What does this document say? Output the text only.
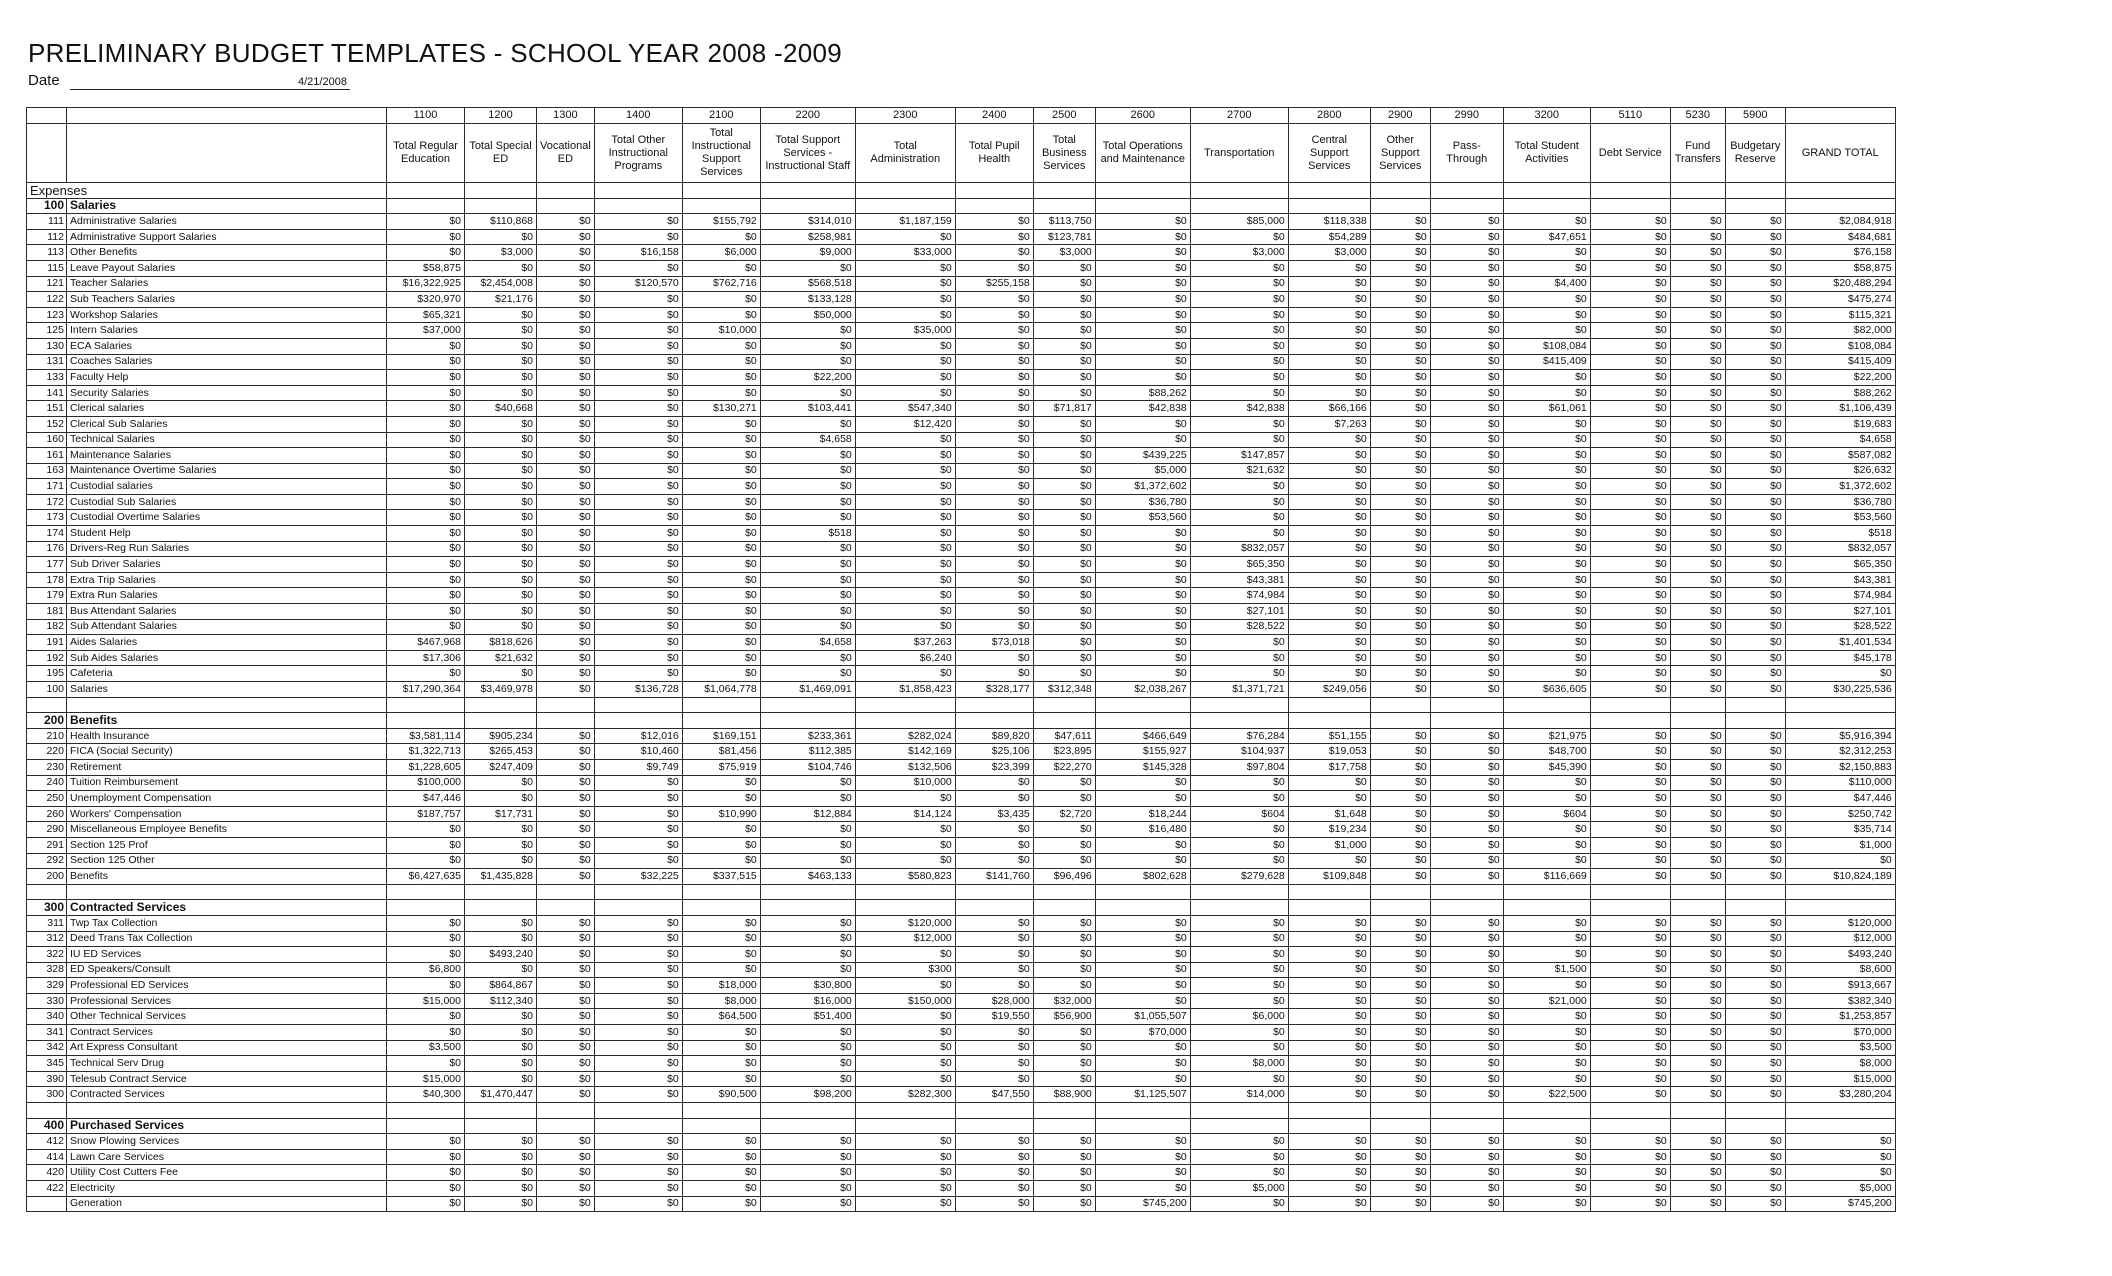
PRELIMINARY BUDGET TEMPLATES - SCHOOL YEAR 2008 -2009
Date	4/21/2008
		1100	1200	1300	1400	2100	2200	2300	2400	2500	2600	2700	2800	2900	2990	3200	5110	5230	5900	
		Total Regular Education	Total Special ED	Vocational ED	Total Other Instructional Programs	Total Instructional Support Services	Total Support Services - Instructional Staff	Total Administration	Total Pupil Health	Total Business Services	Total Operations and Maintenance	Transportation	Central Support Services	Other Support Services	Pass-Through	Total Student Activities	Debt Service	Fund Transfers	Budgetary Reserve	GRAND TOTAL
Expenses																				
100	Salaries																			
111	Administrative Salaries	$0	$110,868	$0	$0	$155,792	$314,010	$1,187,159	$0	$113,750	$0	$85,000	$118,338	$0	$0	$0	$0	$0	$0	$2,084,918
112	Administrative Support Salaries	$0	$0	$0	$0	$0	$258,981	$0	$0	$123,781	$0	$0	$54,289	$0	$0	$47,651	$0	$0	$0	$484,681
113	Other Benefits	$0	$3,000	$0	$16,158	$6,000	$9,000	$33,000	$0	$3,000	$0	$3,000	$3,000	$0	$0	$0	$0	$0	$0	$76,158
115	Leave Payout Salaries	$58,875	$0	$0	$0	$0	$0	$0	$0	$0	$0	$0	$0	$0	$0	$0	$0	$0	$0	$58,875
121	Teacher Salaries	$16,322,925	$2,454,008	$0	$120,570	$762,716	$568,518	$0	$255,158	$0	$0	$0	$0	$0	$0	$4,400	$0	$0	$0	$20,488,294
122	Sub Teachers Salaries	$320,970	$21,176	$0	$0	$0	$133,128	$0	$0	$0	$0	$0	$0	$0	$0	$0	$0	$0	$0	$475,274
123	Workshop Salaries	$65,321	$0	$0	$0	$0	$50,000	$0	$0	$0	$0	$0	$0	$0	$0	$0	$0	$0	$0	$115,321
125	Intern Salaries	$37,000	$0	$0	$0	$10,000	$0	$35,000	$0	$0	$0	$0	$0	$0	$0	$0	$0	$0	$0	$82,000
130	ECA Salaries	$0	$0	$0	$0	$0	$0	$0	$0	$0	$0	$0	$0	$0	$0	$108,084	$0	$0	$0	$108,084
131	Coaches Salaries	$0	$0	$0	$0	$0	$0	$0	$0	$0	$0	$0	$0	$0	$0	$415,409	$0	$0	$0	$415,409
133	Faculty Help	$0	$0	$0	$0	$0	$22,200	$0	$0	$0	$0	$0	$0	$0	$0	$0	$0	$0	$0	$22,200
141	Security Salaries	$0	$0	$0	$0	$0	$0	$0	$0	$0	$88,262	$0	$0	$0	$0	$0	$0	$0	$0	$88,262
151	Clerical salaries	$0	$40,668	$0	$0	$130,271	$103,441	$547,340	$0	$71,817	$42,838	$42,838	$66,166	$0	$0	$61,061	$0	$0	$0	$1,106,439
152	Clerical Sub Salaries	$0	$0	$0	$0	$0	$0	$12,420	$0	$0	$0	$0	$7,263	$0	$0	$0	$0	$0	$0	$19,683
160	Technical Salaries	$0	$0	$0	$0	$0	$4,658	$0	$0	$0	$0	$0	$0	$0	$0	$0	$0	$0	$0	$4,658
161	Maintenance Salaries	$0	$0	$0	$0	$0	$0	$0	$0	$0	$439,225	$147,857	$0	$0	$0	$0	$0	$0	$0	$587,082
163	Maintenance Overtime Salaries	$0	$0	$0	$0	$0	$0	$0	$0	$0	$5,000	$21,632	$0	$0	$0	$0	$0	$0	$0	$26,632
171	Custodial salaries	$0	$0	$0	$0	$0	$0	$0	$0	$0	$1,372,602	$0	$0	$0	$0	$0	$0	$0	$0	$1,372,602
172	Custodial Sub Salaries	$0	$0	$0	$0	$0	$0	$0	$0	$0	$36,780	$0	$0	$0	$0	$0	$0	$0	$0	$36,780
173	Custodial Overtime Salaries	$0	$0	$0	$0	$0	$0	$0	$0	$0	$53,560	$0	$0	$0	$0	$0	$0	$0	$0	$53,560
174	Student Help	$0	$0	$0	$0	$0	$518	$0	$0	$0	$0	$0	$0	$0	$0	$0	$0	$0	$0	$518
176	Drivers-Reg Run Salaries	$0	$0	$0	$0	$0	$0	$0	$0	$0	$0	$832,057	$0	$0	$0	$0	$0	$0	$0	$832,057
177	Sub Driver Salaries	$0	$0	$0	$0	$0	$0	$0	$0	$0	$0	$65,350	$0	$0	$0	$0	$0	$0	$0	$65,350
178	Extra Trip Salaries	$0	$0	$0	$0	$0	$0	$0	$0	$0	$0	$43,381	$0	$0	$0	$0	$0	$0	$0	$43,381
179	Extra Run Salaries	$0	$0	$0	$0	$0	$0	$0	$0	$0	$0	$74,984	$0	$0	$0	$0	$0	$0	$0	$74,984
181	Bus Attendant Salaries	$0	$0	$0	$0	$0	$0	$0	$0	$0	$0	$27,101	$0	$0	$0	$0	$0	$0	$0	$27,101
182	Sub Attendant Salaries	$0	$0	$0	$0	$0	$0	$0	$0	$0	$0	$28,522	$0	$0	$0	$0	$0	$0	$0	$28,522
191	Aides Salaries	$467,968	$818,626	$0	$0	$0	$4,658	$37,263	$73,018	$0	$0	$0	$0	$0	$0	$0	$0	$0	$0	$1,401,534
192	Sub Aides Salaries	$17,306	$21,632	$0	$0	$0	$0	$6,240	$0	$0	$0	$0	$0	$0	$0	$0	$0	$0	$0	$45,178
195	Cafeteria	$0	$0	$0	$0	$0	$0	$0	$0	$0	$0	$0	$0	$0	$0	$0	$0	$0	$0	$0
100	Salaries	$17,290,364	$3,469,978	$0	$136,728	$1,064,778	$1,469,091	$1,858,423	$328,177	$312,348	$2,038,267	$1,371,721	$249,056	$0	$0	$636,605	$0	$0	$0	$30,225,536

200	Benefits																			
210	Health Insurance	$3,581,114	$905,234	$0	$12,016	$169,151	$233,361	$282,024	$89,820	$47,611	$466,649	$76,284	$51,155	$0	$0	$21,975	$0	$0	$0	$5,916,394
220	FICA (Social Security)	$1,322,713	$265,453	$0	$10,460	$81,456	$112,385	$142,169	$25,106	$23,895	$155,927	$104,937	$19,053	$0	$0	$48,700	$0	$0	$0	$2,312,253
230	Retirement	$1,228,605	$247,409	$0	$9,749	$75,919	$104,746	$132,506	$23,399	$22,270	$145,328	$97,804	$17,758	$0	$0	$45,390	$0	$0	$0	$2,150,883
240	Tuition Reimbursement	$100,000	$0	$0	$0	$0	$0	$10,000	$0	$0	$0	$0	$0	$0	$0	$0	$0	$0	$0	$110,000
250	Unemployment Compensation	$47,446	$0	$0	$0	$0	$0	$0	$0	$0	$0	$0	$0	$0	$0	$0	$0	$0	$0	$47,446
260	Workers' Compensation	$187,757	$17,731	$0	$0	$10,990	$12,884	$14,124	$3,435	$2,720	$18,244	$604	$1,648	$0	$0	$604	$0	$0	$0	$250,742
290	Miscellaneous Employee Benefits	$0	$0	$0	$0	$0	$0	$0	$0	$0	$16,480	$0	$19,234	$0	$0	$0	$0	$0	$0	$35,714
291	Section 125 Prof	$0	$0	$0	$0	$0	$0	$0	$0	$0	$0	$0	$1,000	$0	$0	$0	$0	$0	$0	$1,000
292	Section 125 Other	$0	$0	$0	$0	$0	$0	$0	$0	$0	$0	$0	$0	$0	$0	$0	$0	$0	$0	$0
200	Benefits	$6,427,635	$1,435,828	$0	$32,225	$337,515	$463,133	$580,823	$141,760	$96,496	$802,628	$279,628	$109,848	$0	$0	$116,669	$0	$0	$0	$10,824,189

300	Contracted Services																			
311	Twp Tax Collection	$0	$0	$0	$0	$0	$0	$120,000	$0	$0	$0	$0	$0	$0	$0	$0	$0	$0	$0	$120,000
312	Deed Trans Tax Collection	$0	$0	$0	$0	$0	$0	$12,000	$0	$0	$0	$0	$0	$0	$0	$0	$0	$0	$0	$12,000
322	IU ED Services	$0	$493,240	$0	$0	$0	$0	$0	$0	$0	$0	$0	$0	$0	$0	$0	$0	$0	$0	$493,240
328	ED Speakers/Consult	$6,800	$0	$0	$0	$0	$0	$300	$0	$0	$0	$0	$0	$0	$0	$1,500	$0	$0	$0	$8,600
329	Professional ED Services	$0	$864,867	$0	$0	$18,000	$30,800	$0	$0	$0	$0	$0	$0	$0	$0	$0	$0	$0	$0	$913,667
330	Professional Services	$15,000	$112,340	$0	$0	$8,000	$16,000	$150,000	$28,000	$32,000	$0	$0	$0	$0	$0	$21,000	$0	$0	$0	$382,340
340	Other Technical Services	$0	$0	$0	$0	$64,500	$51,400	$0	$19,550	$56,900	$1,055,507	$6,000	$0	$0	$0	$0	$0	$0	$0	$1,253,857
341	Contract Services	$0	$0	$0	$0	$0	$0	$0	$0	$0	$70,000	$0	$0	$0	$0	$0	$0	$0	$0	$70,000
342	Art Express Consultant	$3,500	$0	$0	$0	$0	$0	$0	$0	$0	$0	$0	$0	$0	$0	$0	$0	$0	$0	$3,500
345	Technical Serv Drug	$0	$0	$0	$0	$0	$0	$0	$0	$0	$0	$8,000	$0	$0	$0	$0	$0	$0	$0	$8,000
390	Telesub Contract Service	$15,000	$0	$0	$0	$0	$0	$0	$0	$0	$0	$0	$0	$0	$0	$0	$0	$0	$0	$15,000
300	Contracted Services	$40,300	$1,470,447	$0	$0	$90,500	$98,200	$282,300	$47,550	$88,900	$1,125,507	$14,000	$0	$0	$0	$22,500	$0	$0	$0	$3,280,204

400	Purchased Services																			
412	Snow Plowing Services	$0	$0	$0	$0	$0	$0	$0	$0	$0	$0	$0	$0	$0	$0	$0	$0	$0	$0	$0
414	Lawn Care Services	$0	$0	$0	$0	$0	$0	$0	$0	$0	$0	$0	$0	$0	$0	$0	$0	$0	$0	$0
420	Utility Cost Cutters Fee	$0	$0	$0	$0	$0	$0	$0	$0	$0	$0	$0	$0	$0	$0	$0	$0	$0	$0	$0
422	Electricity	$0	$0	$0	$0	$0	$0	$0	$0	$0	$0	$5,000	$0	$0	$0	$0	$0	$0	$0	$5,000
	Generation	$0	$0	$0	$0	$0	$0	$0	$0	$0	$745,200	$0	$0	$0	$0	$0	$0	$0	$0	$745,200
